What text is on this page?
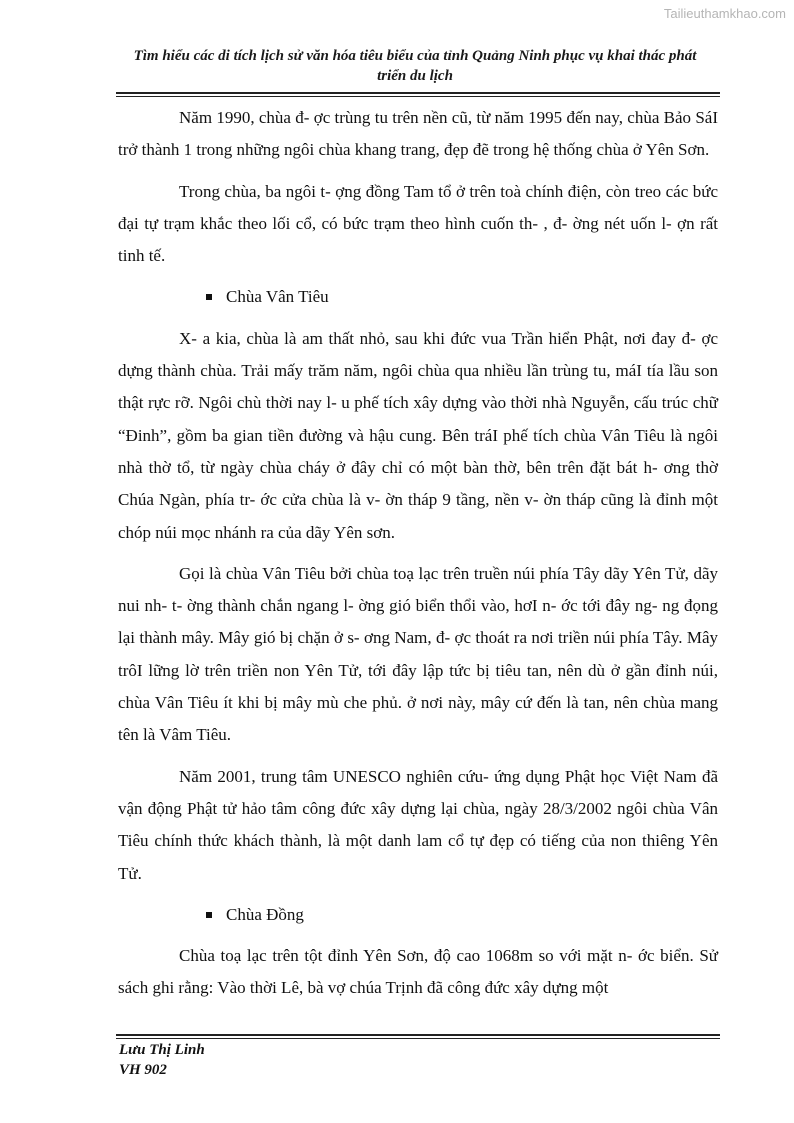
Tailieuthamkhao.com
Tìm hiểu các di tích lịch sử văn hóa tiêu biểu của tỉnh Quảng Ninh phục vụ khai thác phát triển du lịch

Năm 1990, chùa đ- ợc trùng tu trên nền cũ, từ năm 1995 đến nay, chùa Bảo SáI trở thành 1 trong những ngôi chùa khang trang, đẹp đẽ trong hệ thống chùa ở Yên Sơn.

Trong chùa, ba ngôi t- ợng đồng Tam tổ ở trên toà chính điện, còn treo các bức đại tự trạm khắc theo lối cổ, có bức trạm theo hình cuốn th- , đ- ờng nét uốn l- ợn rất tinh tế.

Chùa Vân Tiêu

X- a kia, chùa là am thất nhỏ, sau khi đức vua Trần hiển Phật, nơi đay đ- ợc dựng thành chùa. Trải mấy trăm năm, ngôi chùa qua nhiều lần trùng tu, máI tía lầu son thật rực rỡ. Ngôi chù thời nay l- u phế tích xây dựng vào thời nhà Nguyễn, cấu trúc chữ “Đinh”, gồm ba gian tiền đường và hậu cung. Bên tráI phế tích chùa Vân Tiêu là ngôi nhà thờ tổ, từ ngày chùa cháy ở đây chỉ có một bàn thờ, bên trên đặt bát h- ơng thờ Chúa Ngàn, phía tr- ớc cửa chùa là v- ờn tháp 9 tầng, nền v- ờn tháp cũng là đỉnh một chóp núi mọc nhánh ra của dãy Yên sơn.

Gọi là chùa Vân Tiêu bởi chùa toạ lạc trên truền núi phía Tây dãy Yên Tử, dãy nui nh- t- ờng thành chắn ngang l- ờng gió biển thổi vào, hơI n- ớc tới đây ng- ng đọng lại thành mây. Mây gió bị chặn ở s- ơng Nam, đ- ợc thoát ra nơi triền núi phía Tây. Mây trôI lững lờ trên triền non Yên Tử, tới đây lập tức bị tiêu tan, nên dù ở gần đỉnh núi, chùa Vân Tiêu ít khi bị mây mù che phủ. ở nơi này, mây cứ đến là tan, nên chùa mang tên là Vâm Tiêu.

Năm 2001, trung tâm UNESCO nghiên cứu- ứng dụng Phật học Việt Nam đã vận động Phật tử hảo tâm công đức xây dựng lại chùa, ngày 28/3/2002 ngôi chùa Vân Tiêu chính thức khách thành, là một danh lam cổ tự đẹp có tiếng của non thiêng Yên Tử.

Chùa Đồng

Chùa toạ lạc trên tột đỉnh Yên Sơn, độ cao 1068m so với mặt n- ớc biển. Sử sách ghi rằng: Vào thời Lê, bà vợ chúa Trịnh đã công đức xây dựng một

Lưu Thị Linh
VH 902
